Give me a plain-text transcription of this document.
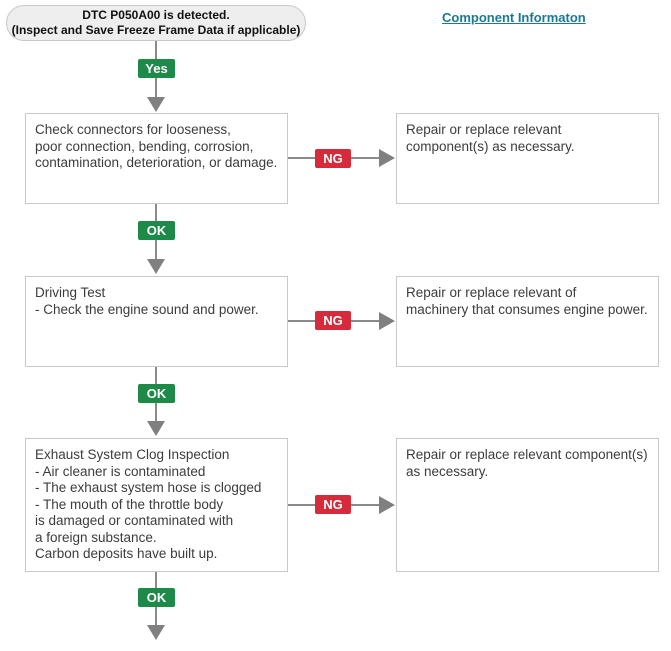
DTC P050A00 is detected.
(Inspect and Save Freeze Frame Data if applicable)
Component Informaton
Yes
Check connectors for looseness,
poor connection, bending, corrosion,
contamination, deterioration, or damage.	NG
Repair or replace relevant
component(s) as necessary.
OK
Driving Test
- Check the engine sound and power.
NG
Repair or replace relevant of
machinery that consumes engine power.
OK
Exhaust System Clog Inspection
- Air cleaner is contaminated
- The exhaust system hose is clogged
- The mouth of the throttle body
is damaged or contaminated with
a foreign substance.
Carbon deposits have built up.
NG
Repair or replace relevant component(s)
as necessary.
OK
